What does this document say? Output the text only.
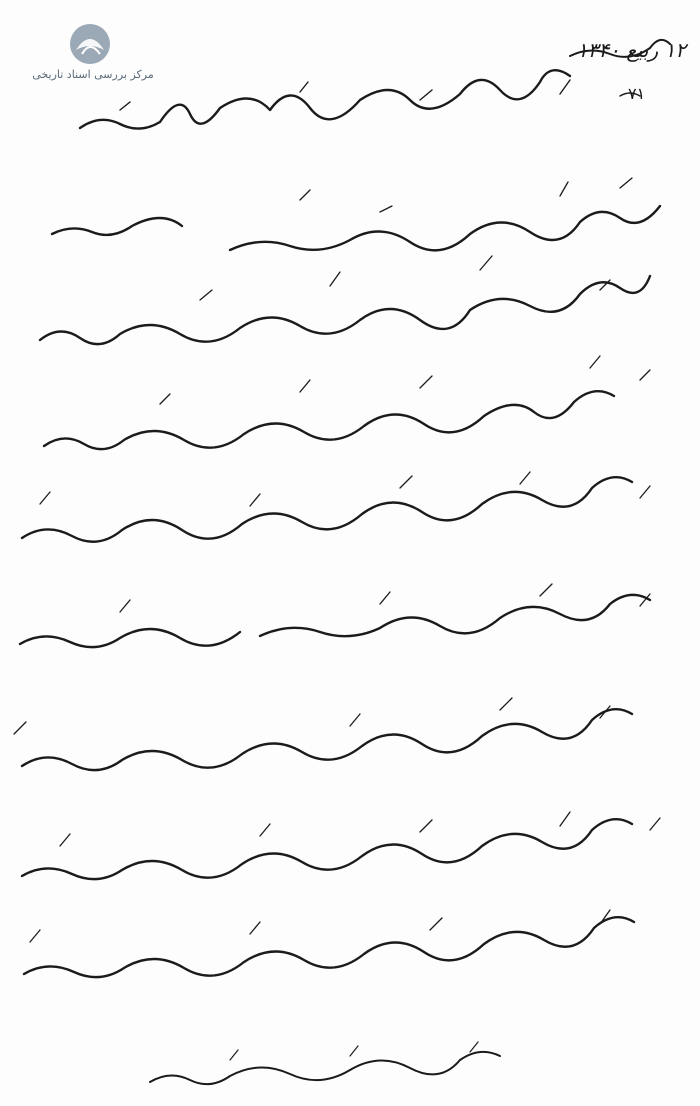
مرکز بررسی اسناد تاریخی
۱۲ ربیع ۱۳۴۰
۷۱
